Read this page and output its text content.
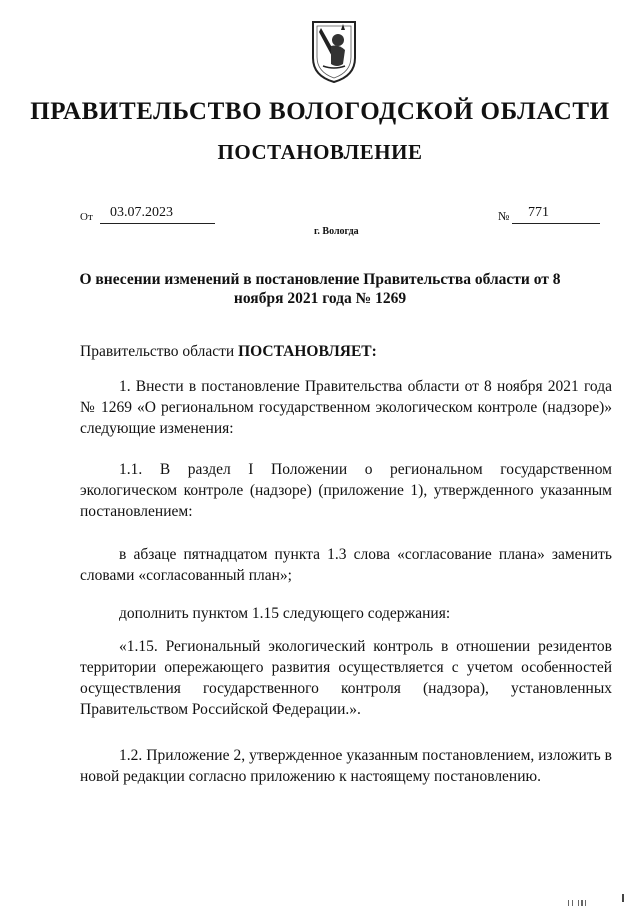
ПРАВИТЕЛЬСТВО ВОЛОГОДСКОЙ ОБЛАСТИ
ПОСТАНОВЛЕНИЕ
От	03.07.2023	№	771
г. Вологда
О внесении изменений в постановление Правительства области от 8 ноября 2021 года № 1269
Правительство области ПОСТАНОВЛЯЕТ:
1. Внести в постановление Правительства области от 8 ноября 2021 года № 1269 «О региональном государственном экологическом контроле (надзоре)» следующие изменения:
1.1. В раздел I Положении о региональном государственном экологическом контроле (надзоре) (приложение 1), утвержденного указанным постановлением:
в абзаце пятнадцатом пункта 1.3 слова «согласование плана» заменить словами «согласованный план»;
дополнить пунктом 1.15 следующего содержания:
«1.15. Региональный экологический контроль в отношении резидентов территории опережающего развития осуществляется с учетом особенностей осуществления государственного контроля (надзора), установленных Правительством Российской Федерации.».
1.2. Приложение 2, утвержденное указанным постановлением, изложить в новой редакции согласно приложению к настоящему постановлению.
